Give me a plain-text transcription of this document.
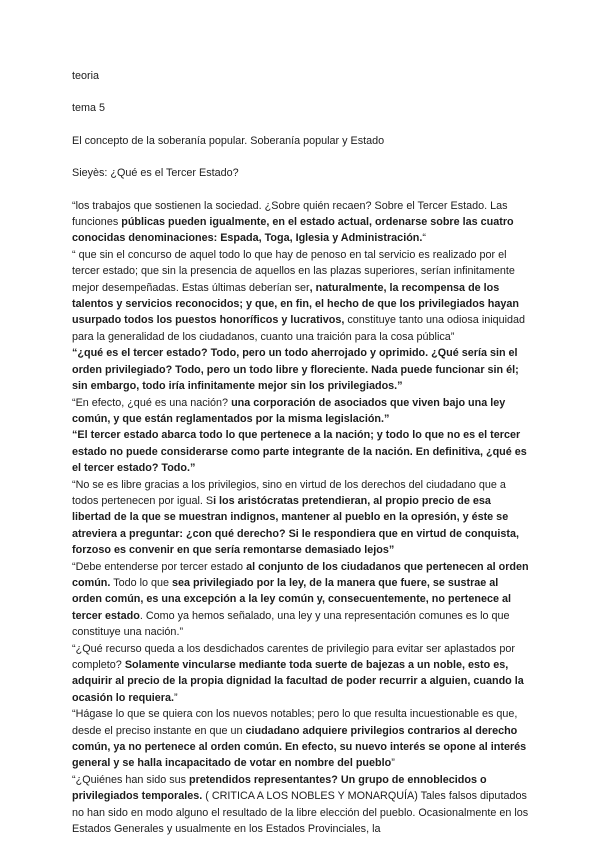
teoria

tema 5

El concepto de la soberanía popular. Soberanía popular y Estado

Sieyès: ¿Qué es el Tercer Estado?

“los trabajos que sostienen la sociedad. ¿Sobre quién recaen? Sobre el Tercer Estado. Las funciones públicas pueden igualmente, en el estado actual, ordenarse sobre las cuatro conocidas denominaciones: Espada, Toga, Iglesia y Administración.“

“ que sin el concurso de aquel todo lo que hay de penoso en tal servicio es realizado por el tercer estado; que sin la presencia de aquellos en las plazas superiores, serían infinitamente mejor desempeñadas. Estas últimas deberían ser, naturalmente, la recompensa de los talentos y servicios reconocidos; y que, en fin, el hecho de que los privilegiados hayan usurpado todos los puestos honoríficos y lucrativos, constituye tanto una odiosa iniquidad para la generalidad de los ciudadanos, cuanto una traición para la cosa pública”

“¿qué es el tercer estado? Todo, pero un todo aherrojado y oprimido. ¿Qué sería sin el orden privilegiado? Todo, pero un todo libre y floreciente. Nada puede funcionar sin él; sin embargo, todo iría infinitamente mejor sin los privilegiados.”

“En efecto, ¿qué es una nación? una corporación de asociados que viven bajo una ley común, y que están reglamentados por la misma legislación.”

“El tercer estado abarca todo lo que pertenece a la nación; y todo lo que no es el tercer estado no puede considerarse como parte integrante de la nación. En definitiva, ¿qué es el tercer estado? Todo.”

“No se es libre gracias a los privilegios, sino en virtud de los derechos del ciudadano que a todos pertenecen por igual. Si los aristócratas pretendieran, al propio precio de esa libertad de la que se muestran indignos, mantener al pueblo en la opresión, y éste se atreviera a preguntar: ¿con qué derecho? Si le respondiera que en virtud de conquista, forzoso es convenir en que sería remontarse demasiado lejos”

“Debe entenderse por tercer estado al conjunto de los ciudadanos que pertenecen al orden común. Todo lo que sea privilegiado por la ley, de la manera que fuere, se sustrae al orden común, es una excepción a la ley común y, consecuentemente, no pertenece al tercer estado. Como ya hemos señalado, una ley y una representación comunes es lo que constituye una nación.”

“¿Qué recurso queda a los desdichados carentes de privilegio para evitar ser aplastados por completo? Solamente vincularse mediante toda suerte de bajezas a un noble, esto es, adquirir al precio de la propia dignidad la facultad de poder recurrir a alguien, cuando la ocasión lo requiera.”

“Hágase lo que se quiera con los nuevos notables; pero lo que resulta incuestionable es que, desde el preciso instante en que un ciudadano adquiere privilegios contrarios al derecho común, ya no pertenece al orden común. En efecto, su nuevo interés se opone al interés general y se halla incapacitado de votar en nombre del pueblo”

“¿Quiénes han sido sus pretendidos representantes? Un grupo de ennoblecidos o privilegiados temporales. ( CRITICA A LOS NOBLES Y MONARQUÍA) Tales falsos diputados no han sido en modo alguno el resultado de la libre elección del pueblo. Ocasionalmente en los Estados Generales y usualmente en los Estados Provinciales, la
